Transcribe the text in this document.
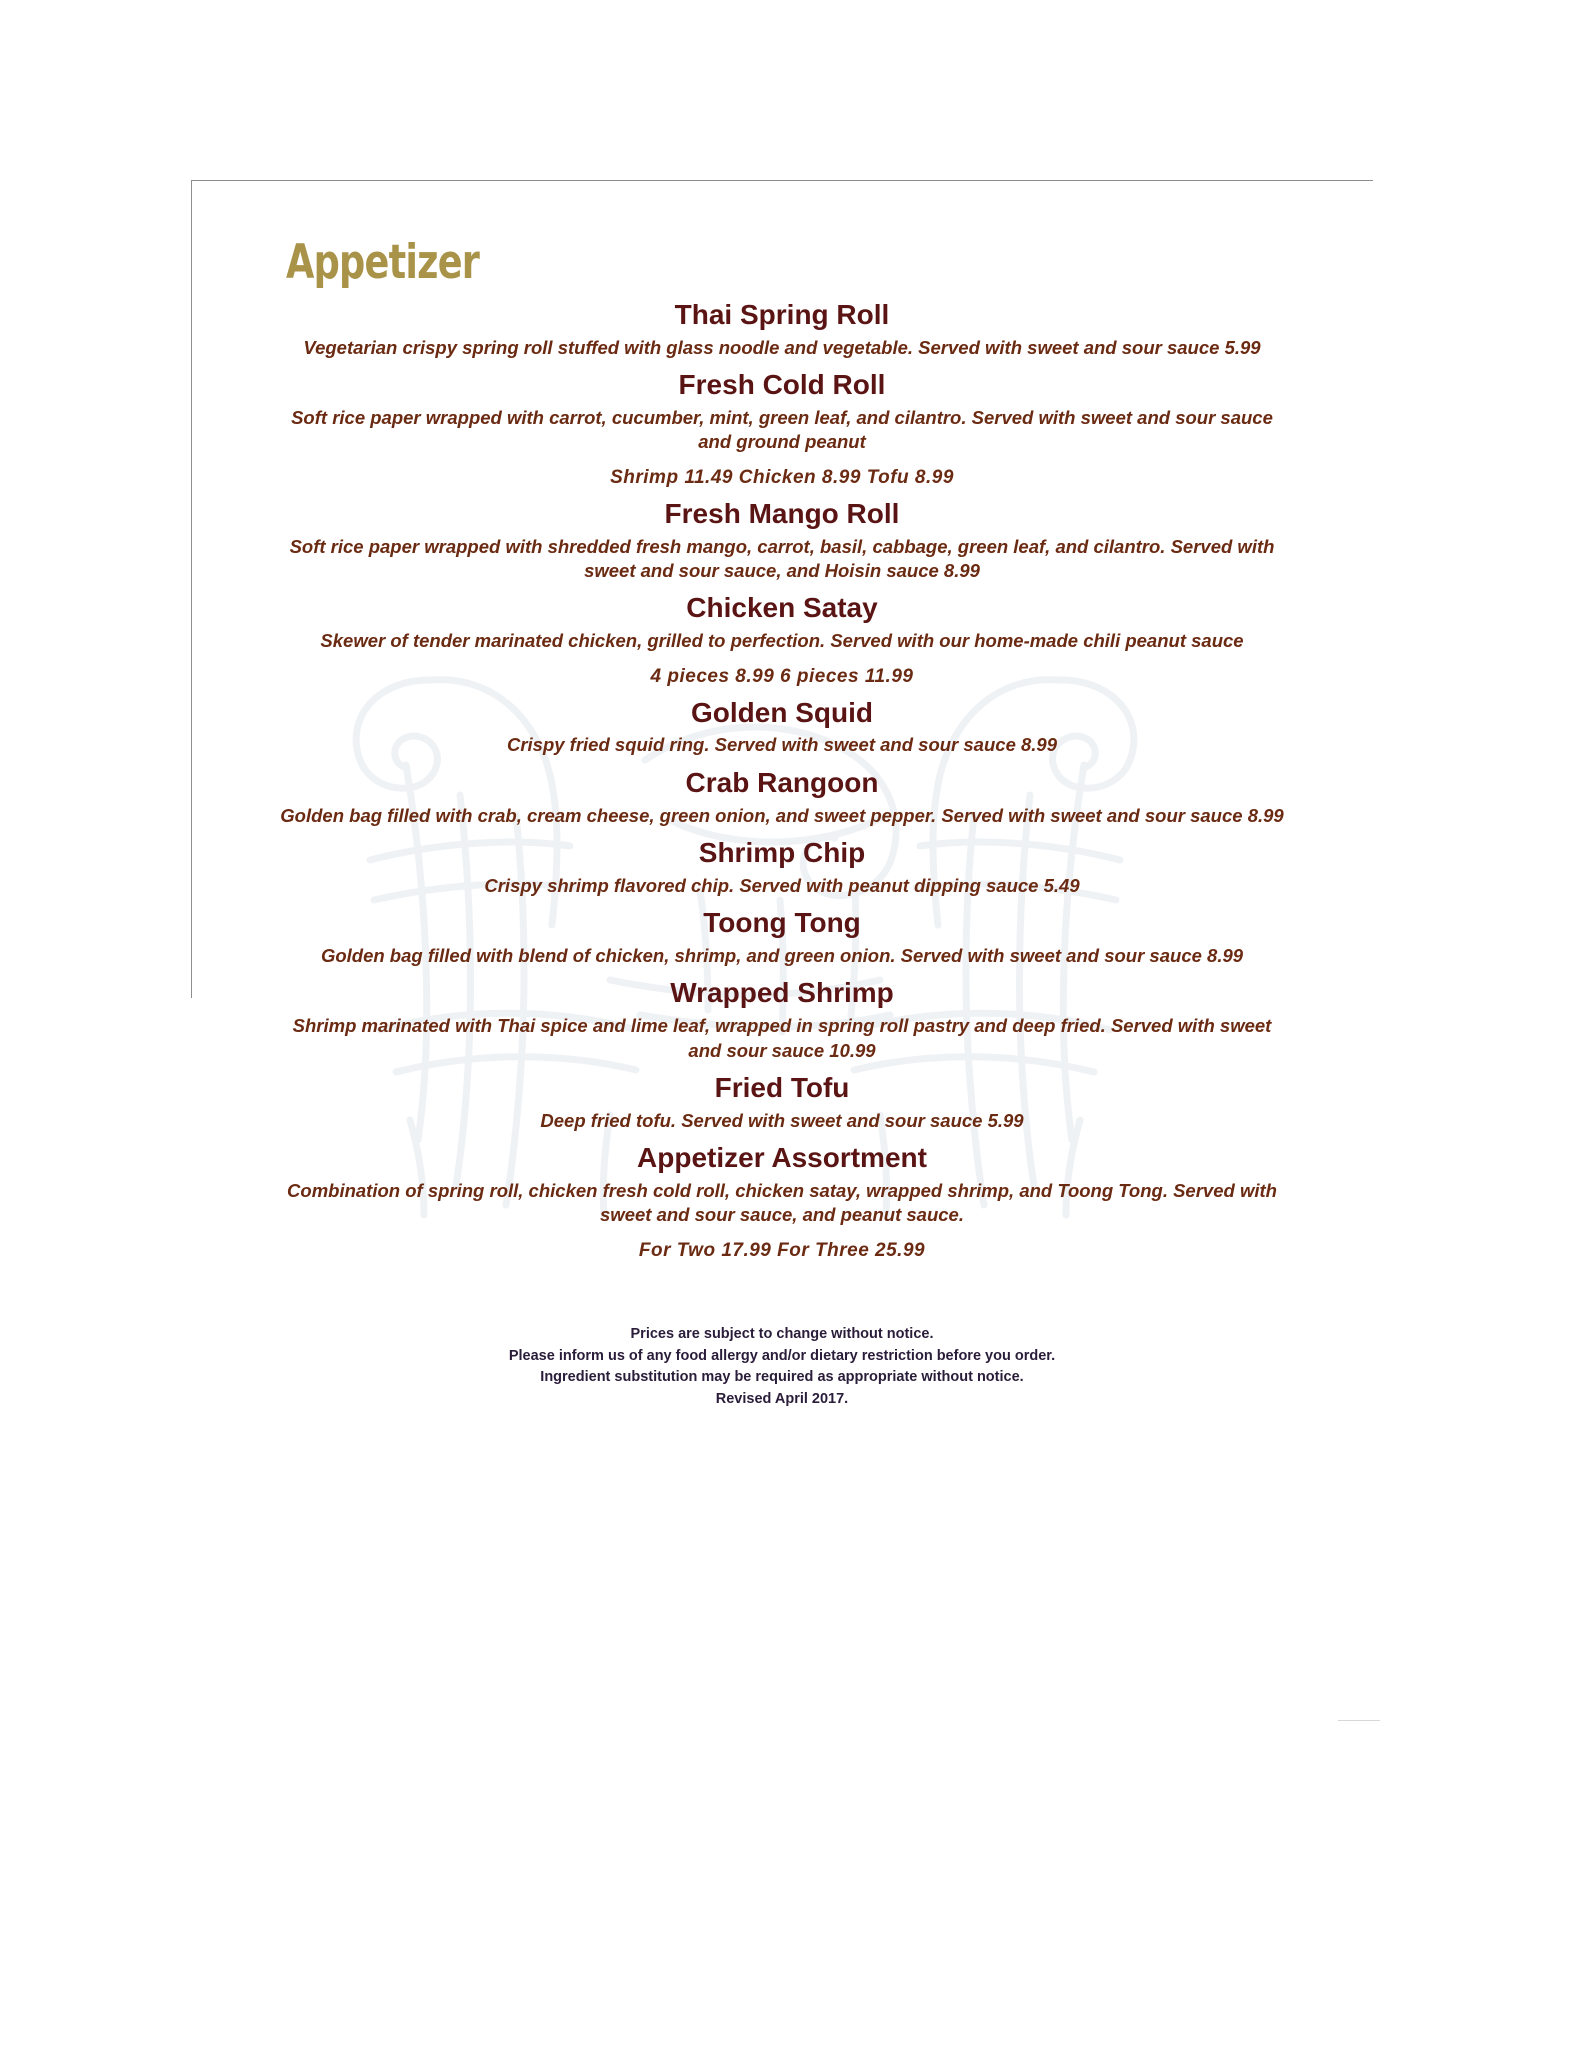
Appetizer
Thai Spring Roll
Vegetarian crispy spring roll stuffed with glass noodle and vegetable. Served with sweet and sour sauce 5.99
Fresh Cold Roll
Soft rice paper wrapped with carrot, cucumber, mint, green leaf, and cilantro. Served with sweet and sour sauce and ground peanut
Shrimp 11.49 Chicken 8.99 Tofu 8.99
Fresh Mango Roll
Soft rice paper wrapped with shredded fresh mango, carrot, basil, cabbage, green leaf, and cilantro. Served with sweet and sour sauce, and Hoisin sauce 8.99
Chicken Satay
Skewer of tender marinated chicken, grilled to perfection. Served with our home-made chili peanut sauce
4 pieces 8.99 6 pieces 11.99
Golden Squid
Crispy fried squid ring. Served with sweet and sour sauce 8.99
Crab Rangoon
Golden bag filled with crab, cream cheese, green onion, and sweet pepper. Served with sweet and sour sauce 8.99
Shrimp Chip
Crispy shrimp flavored chip. Served with peanut dipping sauce 5.49
Toong Tong
Golden bag filled with blend of chicken, shrimp, and green onion. Served with sweet and sour sauce 8.99
Wrapped Shrimp
Shrimp marinated with Thai spice and lime leaf, wrapped in spring roll pastry and deep fried. Served with sweet and sour sauce 10.99
Fried Tofu
Deep fried tofu. Served with sweet and sour sauce 5.99
Appetizer Assortment
Combination of spring roll, chicken fresh cold roll, chicken satay, wrapped shrimp, and Toong Tong. Served with sweet and sour sauce, and peanut sauce.
For Two 17.99 For Three 25.99
Prices are subject to change without notice.
Please inform us of any food allergy and/or dietary restriction before you order.
Ingredient substitution may be required as appropriate without notice.
Revised April 2017.
